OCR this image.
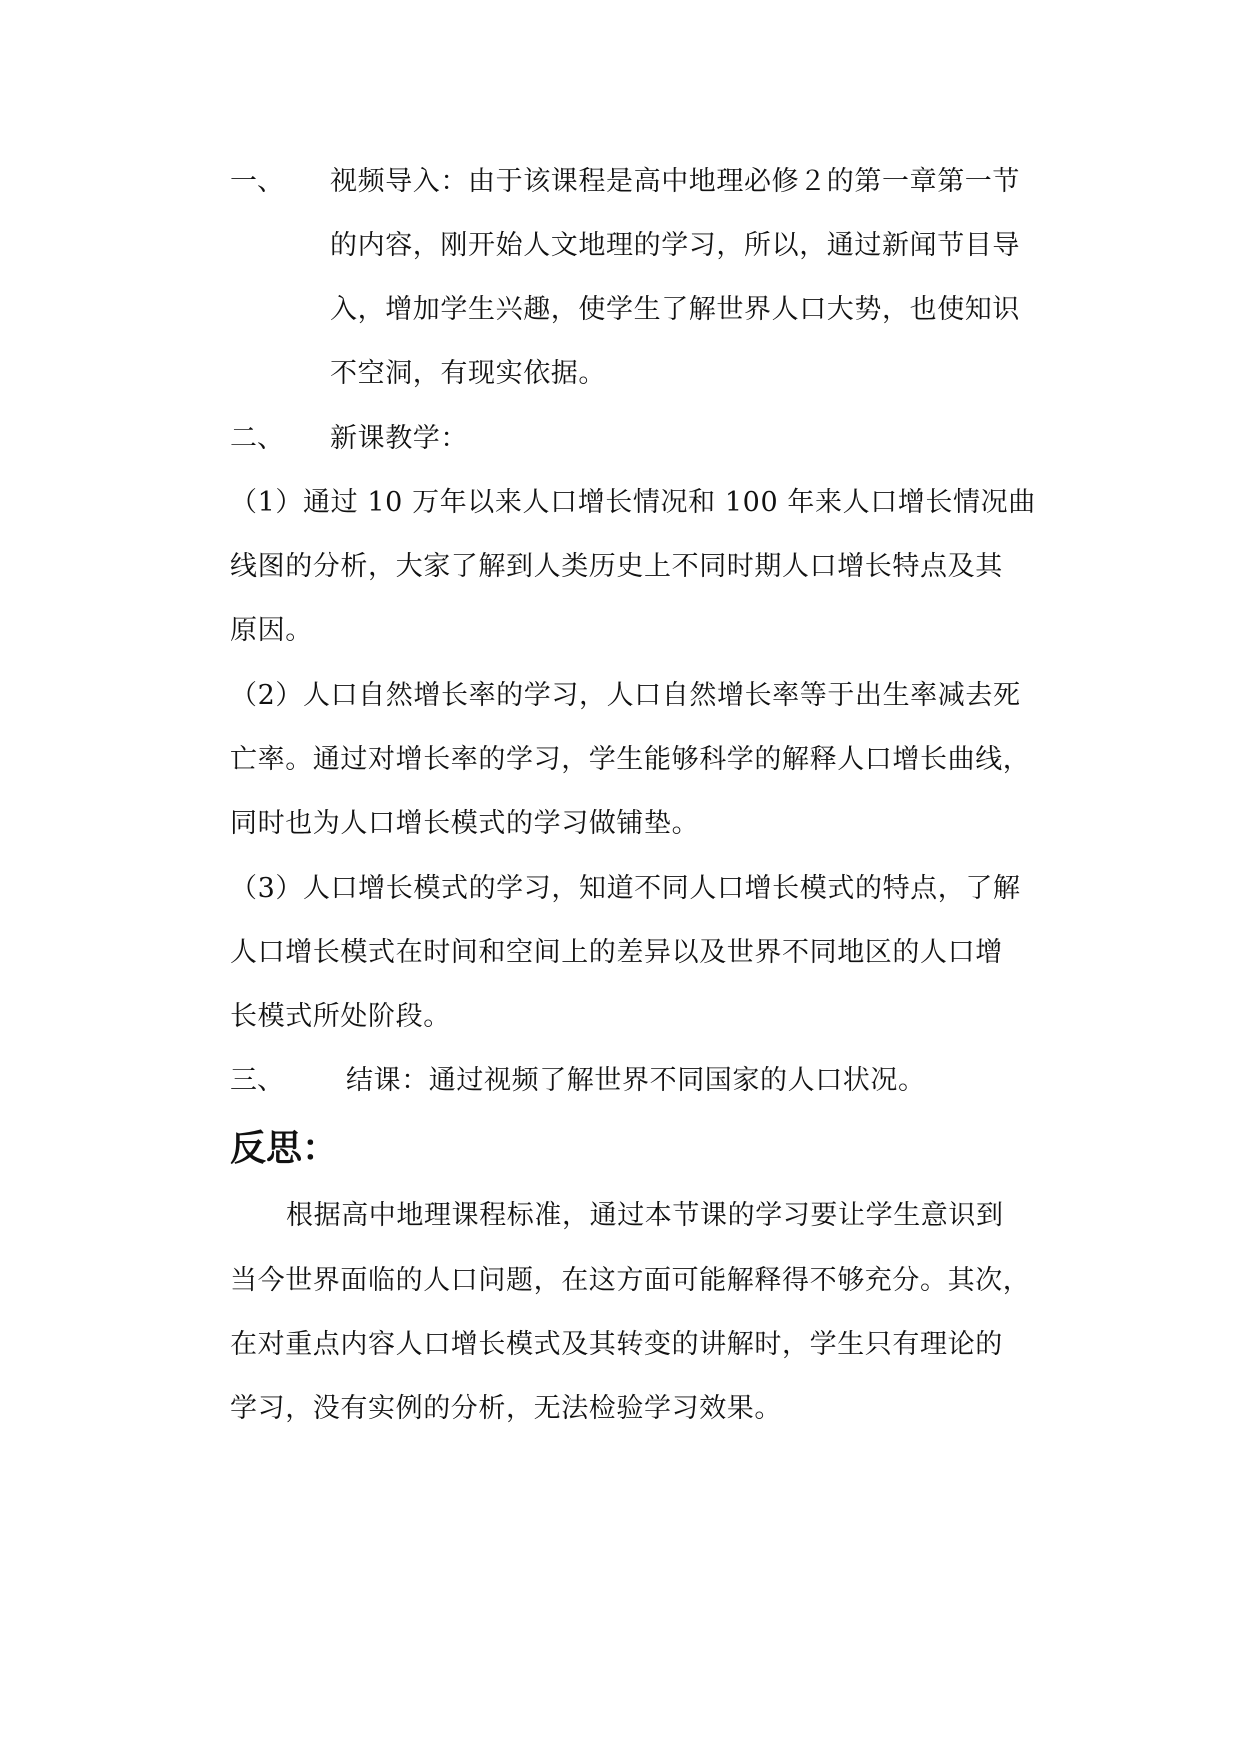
一、 视频导入：由于该课程是高中地理必修２的第一章第一节
的内容，刚开始人文地理的学习，所以，通过新闻节目导
入，增加学生兴趣，使学生了解世界人口大势，也使知识
不空洞，有现实依据。
二、 新课教学：
（1）通过 10 万年以来人口增长情况和 100 年来人口增长情况曲
线图的分析，大家了解到人类历史上不同时期人口增长特点及其
原因。
（2）人口自然增长率的学习，人口自然增长率等于出生率减去死
亡率。通过对增长率的学习，学生能够科学的解释人口增长曲线，
同时也为人口增长模式的学习做铺垫。
（3）人口增长模式的学习，知道不同人口增长模式的特点，了解
人口增长模式在时间和空间上的差异以及世界不同地区的人口增
长模式所处阶段。
三、 结课：通过视频了解世界不同国家的人口状况。
反思：
根据高中地理课程标准，通过本节课的学习要让学生意识到
当今世界面临的人口问题，在这方面可能解释得不够充分。其次，
在对重点内容人口增长模式及其转变的讲解时，学生只有理论的
学习，没有实例的分析，无法检验学习效果。
